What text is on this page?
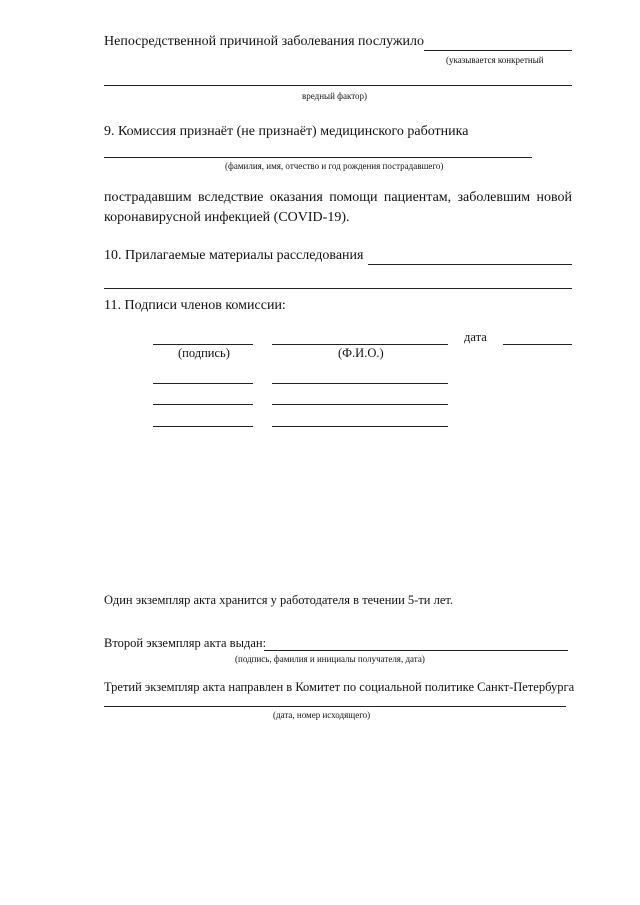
Непосредственной причиной заболевания послужило
(указывается конкретный
вредный фактор)
9. Комиссия признаёт (не признаёт) медицинского работника
(фамилия, имя, отчество и год рождения пострадавшего)
пострадавшим вследствие оказания помощи пациентам, заболевшим новой коронавирусной инфекцией (COVID-19).
10. Прилагаемые материалы расследования
11. Подписи членов комиссии:
дата
(подпись)	(Ф.И.О.)
Один экземпляр акта хранится у работодателя в течении 5-ти лет.
Второй экземпляр акта выдан:
(подпись, фамилия и инициалы получателя, дата)
Третий экземпляр акта направлен в Комитет по социальной политике Санкт-Петербурга
(дата, номер исходящего)
